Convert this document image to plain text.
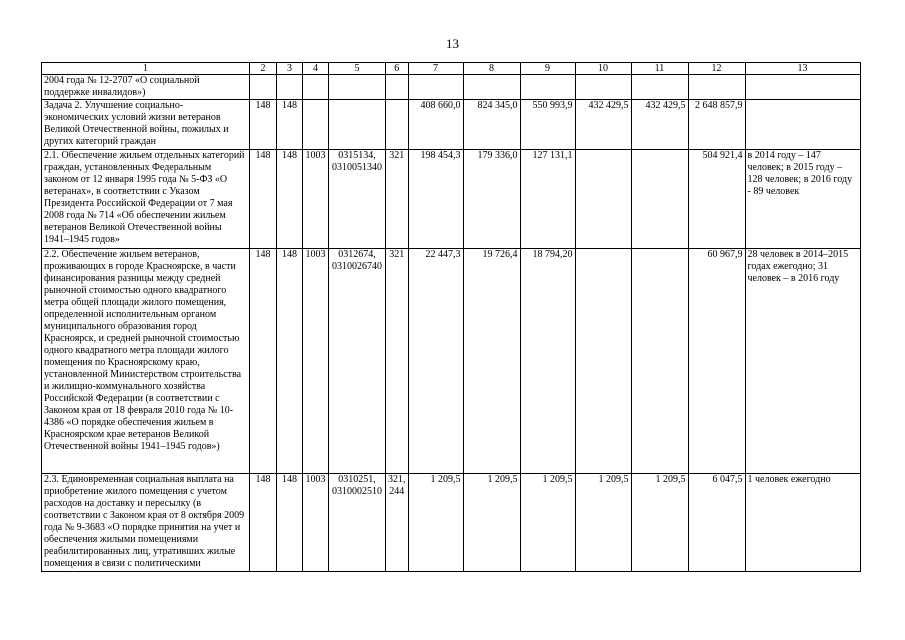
13
1	2	3	4	5	6	7	8	9	10	11	12	13
2004 года № 12-2707 «О социальной поддержке инвалидов»)												
Задача 2. Улучшение социально-экономических условий жизни ветеранов Великой Отечественной войны, пожилых и других категорий граждан	148	148				408 660,0	824 345,0	550 993,9	432 429,5	432 429,5	2 648 857,9	
2.1. Обеспечение жильем отдельных категорий граждан, установленных Федеральным законом от 12 января 1995 года № 5-ФЗ «О ветеранах», в соответствии с Указом Президента Российской Федерации от 7 мая 2008 года № 714 «Об обеспечении жильем ветеранов Великой Отечественной войны 1941–1945 годов»	148	148	1003	0315134, 0310051340	321	198 454,3	179 336,0	127 131,1			504 921,4	в 2014 году – 147 человек; в 2015 году – 128 человек; в 2016 году - 89 человек
2.2. Обеспечение жильем ветеранов, проживающих в городе Красноярске, в части финансирования разницы между средней рыночной стоимостью одного квадратного метра общей площади жилого помещения, определенной исполнительным органом муниципального образования город Красноярск, и средней рыночной стоимостью одного квадратного метра площади жилого помещения по Красноярскому краю, установленной Министерством строительства и жилищно-коммунального хозяйства Российской Федерации (в соответствии с Законом края от 18 февраля 2010 года № 10-4386 «О порядке обеспечения жильем в Красноярском крае ветеранов Великой Отечественной войны 1941–1945 годов»)	148	148	1003	0312674, 0310026740	321	22 447,3	19 726,4	18 794,20			60 967,9	28 человек в 2014–2015 годах ежегодно; 31 человек – в 2016 году
2.3. Единовременная социальная выплата на приобретение жилого помещения с учетом расходов на доставку и пересылку (в соответствии с Законом края от 8 октября 2009 года № 9-3683 «О порядке принятия на учет и обеспечения жилыми помещениями реабилитированных лиц, утративших жилые помещения в связи с политическими	148	148	1003	0310251, 0310002510	321, 244	1 209,5	1 209,5	1 209,5	1 209,5	1 209,5	6 047,5	1 человек ежегодно
